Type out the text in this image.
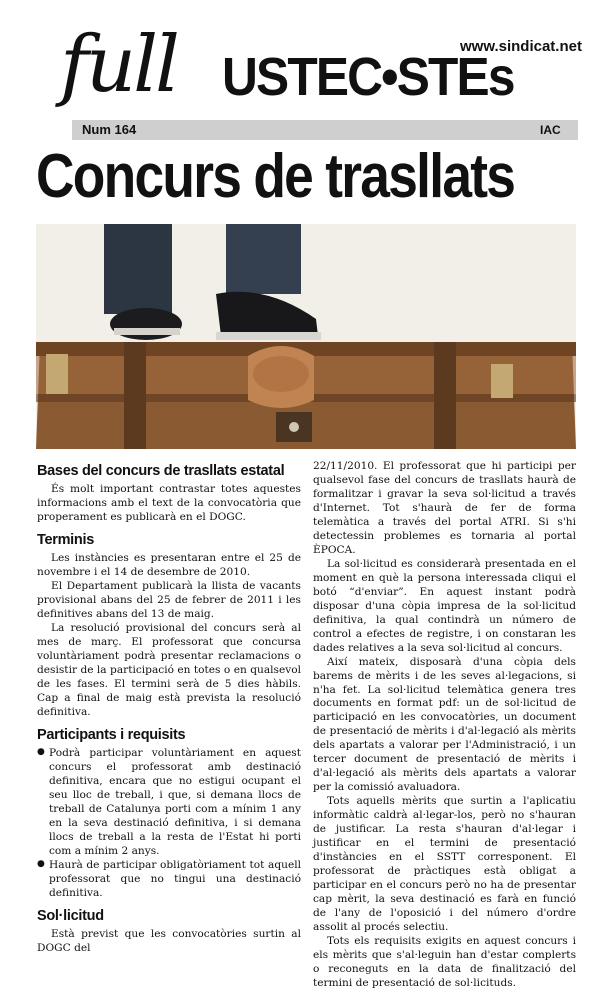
full	www.sindicat.net
USTEC•STEs
Num 164	IAC
Concurs de trasllats
Bases del concurs de trasllats estatal

És molt important contrastar totes aquestes informacions amb el text de la convocatòria que properament es publicarà en el DOGC.

Terminis

Les instàncies es presentaran entre el 25 de novembre i el 14 de desembre de 2010.

El Departament publicarà la llista de vacants provisional abans del 25 de febrer de 2011 i les definitives abans del 13 de maig.

La resolució provisional del concurs serà al mes de març. El professorat que concursa voluntàriament podrà presentar reclamacions o desistir de la participació en totes o en qualsevol de les fases. El termini serà de 5 dies hàbils. Cap a final de maig està prevista la resolució definitiva.

Participants i requisits
● Podrà participar voluntàriament en aquest concurs el professorat amb destinació definitiva, encara que no estigui ocupant el seu lloc de treball, i que, si demana llocs de treball de Catalunya porti com a mínim 1 any en la seva destinació definitiva, i si demana llocs de treball a la resta de l'Estat hi porti com a mínim 2 anys.
● Haurà de participar obligatòriament tot aquell professorat que no tingui una destinació definitiva.
Sol·licitud

Està previst que les convocatòries surtin al DOGC del

22/11/2010. El professorat que hi participi per qualsevol fase del concurs de trasllats haurà de formalitzar i gravar la seva sol·licitud a través d'Internet. Tot s'haurà de fer de forma telemàtica a través del portal ATRI. Si s'hi detectessin problemes es tornaria al portal ÈPOCA.

La sol·licitud es considerarà presentada en el moment en què la persona interessada cliqui el botó “d'enviar”. En aquest instant podrà disposar d'una còpia impresa de la sol·licitud definitiva, la qual contindrà un número de control a efectes de registre, i on constaran les dades relatives a la seva sol·licitud al concurs.

Així mateix, disposarà d'una còpia dels barems de mèrits i de les seves al·legacions, si n'ha fet. La sol·licitud telemàtica genera tres documents en format pdf: un de sol·licitud de participació en les convocatòries, un document de presentació de mèrits i d'al·legació als mèrits dels apartats a valorar per l'Administració, i un tercer document de presentació de mèrits i d'al·legació als mèrits dels apartats a valorar per la comissió avaluadora.

Tots aquells mèrits que surtin a l'aplicatiu informàtic caldrà al·legar-los, però no s'hauran de justificar. La resta s'hauran d'al·legar i justificar en el termini de presentació d'instàncies en el SSTT corresponent. El professorat de pràctiques està obligat a participar en el concurs però no ha de presentar cap mèrit, la seva destinació es farà en funció de l'any de l'oposició i del número d'ordre assolit al procés selectiu.

Tots els requisits exigits en aquest concurs i els mèrits que s'al·leguin han d'estar complerts o reconeguts en la data de finalització del termini de presentació de sol·licituds.
